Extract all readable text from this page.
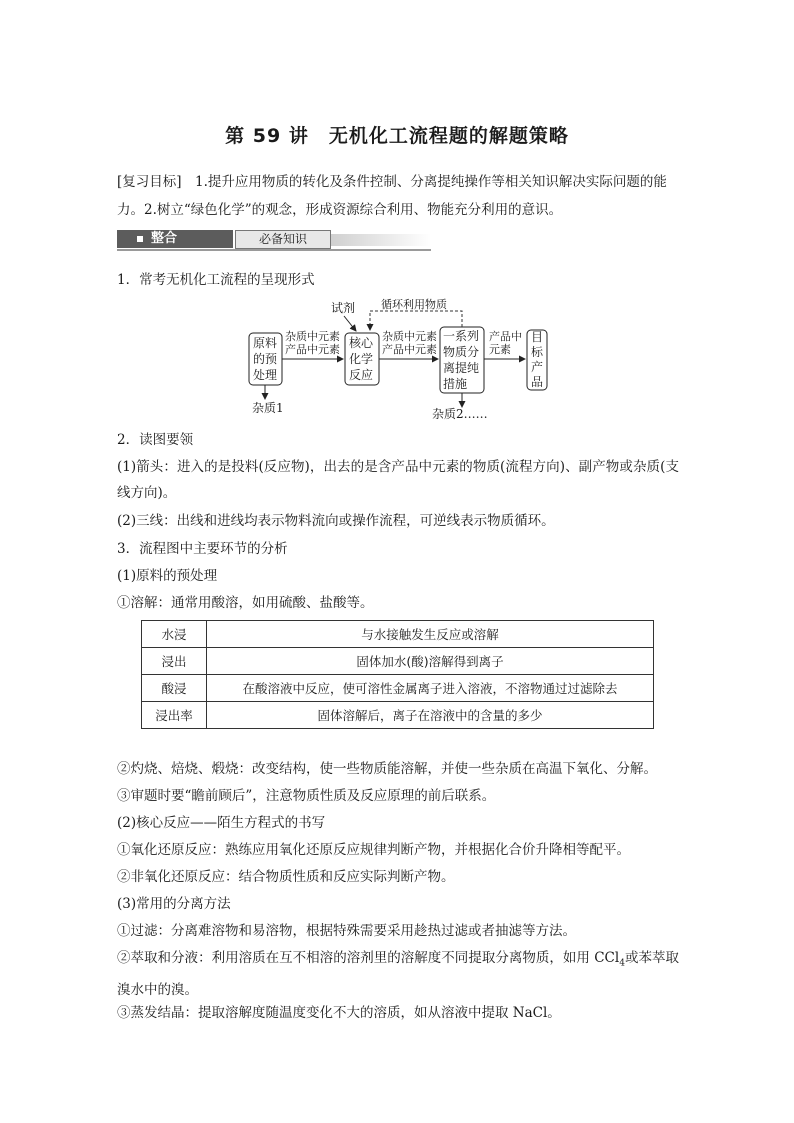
第 59 讲　无机化工流程题的解题策略
[复习目标]　1.提升应用物质的转化及条件控制、分离提纯操作等相关知识解决实际问题的能
力。2.树立“绿色化学”的观念，形成资源综合利用、物能充分利用的意识。
整合	必备知识
1．常考无机化工流程的呈现形式
试剂 循环利用物质
原料
的预
处理
核心
化学
反应
一系列
物质分
离提纯
措施
目
标
产
品
杂质中元素
产品中元素
杂质中元素
产品中元素
产品中
元素
杂质1	杂质2……
2．读图要领
(1)箭头：进入的是投料(反应物)，出去的是含产品中元素的物质(流程方向)、副产物或杂质(支线方向)。
(2)三线：出线和进线均表示物料流向或操作流程，可逆线表示物质循环。
3．流程图中主要环节的分析
(1)原料的预处理
①溶解：通常用酸溶，如用硫酸、盐酸等。
水浸	与水接触发生反应或溶解
浸出	固体加水(酸)溶解得到离子
酸浸	在酸溶液中反应，使可溶性金属离子进入溶液，不溶物通过过滤除去
浸出率	固体溶解后，离子在溶液中的含量的多少
②灼烧、焙烧、煅烧：改变结构，使一些物质能溶解，并使一些杂质在高温下氧化、分解。
③审题时要“瞻前顾后”，注意物质性质及反应原理的前后联系。
(2)核心反应——陌生方程式的书写
①氧化还原反应：熟练应用氧化还原反应规律判断产物，并根据化合价升降相等配平。
②非氧化还原反应：结合物质性质和反应实际判断产物。
(3)常用的分离方法
①过滤：分离难溶物和易溶物，根据特殊需要采用趁热过滤或者抽滤等方法。
②萃取和分液：利用溶质在互不相溶的溶剂里的溶解度不同提取分离物质，如用 CCl$_4$或苯萃取溴水中的溴。
③蒸发结晶：提取溶解度随温度变化不大的溶质，如从溶液中提取 NaCl。
